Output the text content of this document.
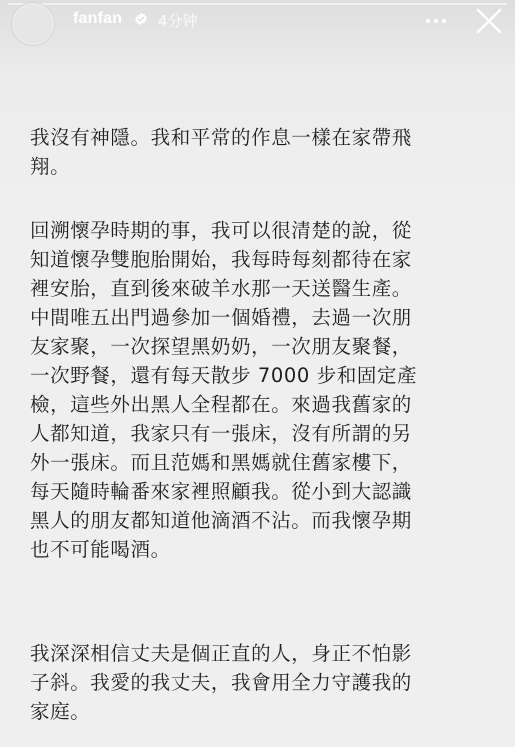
fanfan 4分钟
我沒有神隱。我和平常的作息一樣在家帶飛
翔。
回溯懷孕時期的事，我可以很清楚的說，從
知道懷孕雙胞胎開始，我每時每刻都待在家
裡安胎，直到後來破羊水那一天送醫生產。
中間唯五出門過參加一個婚禮，去過一次朋
友家聚，一次探望黑奶奶，一次朋友聚餐，
一次野餐，還有每天散步 7000 步和固定產
檢，這些外出黑人全程都在。來過我舊家的
人都知道，我家只有一張床，沒有所謂的另
外一張床。而且范媽和黑媽就住舊家樓下，
每天隨時輪番來家裡照顧我。從小到大認識
黑人的朋友都知道他滴酒不沾。而我懷孕期
也不可能喝酒。
我深深相信丈夫是個正直的人，身正不怕影
子斜。我愛的我丈夫，我會用全力守護我的
家庭。
